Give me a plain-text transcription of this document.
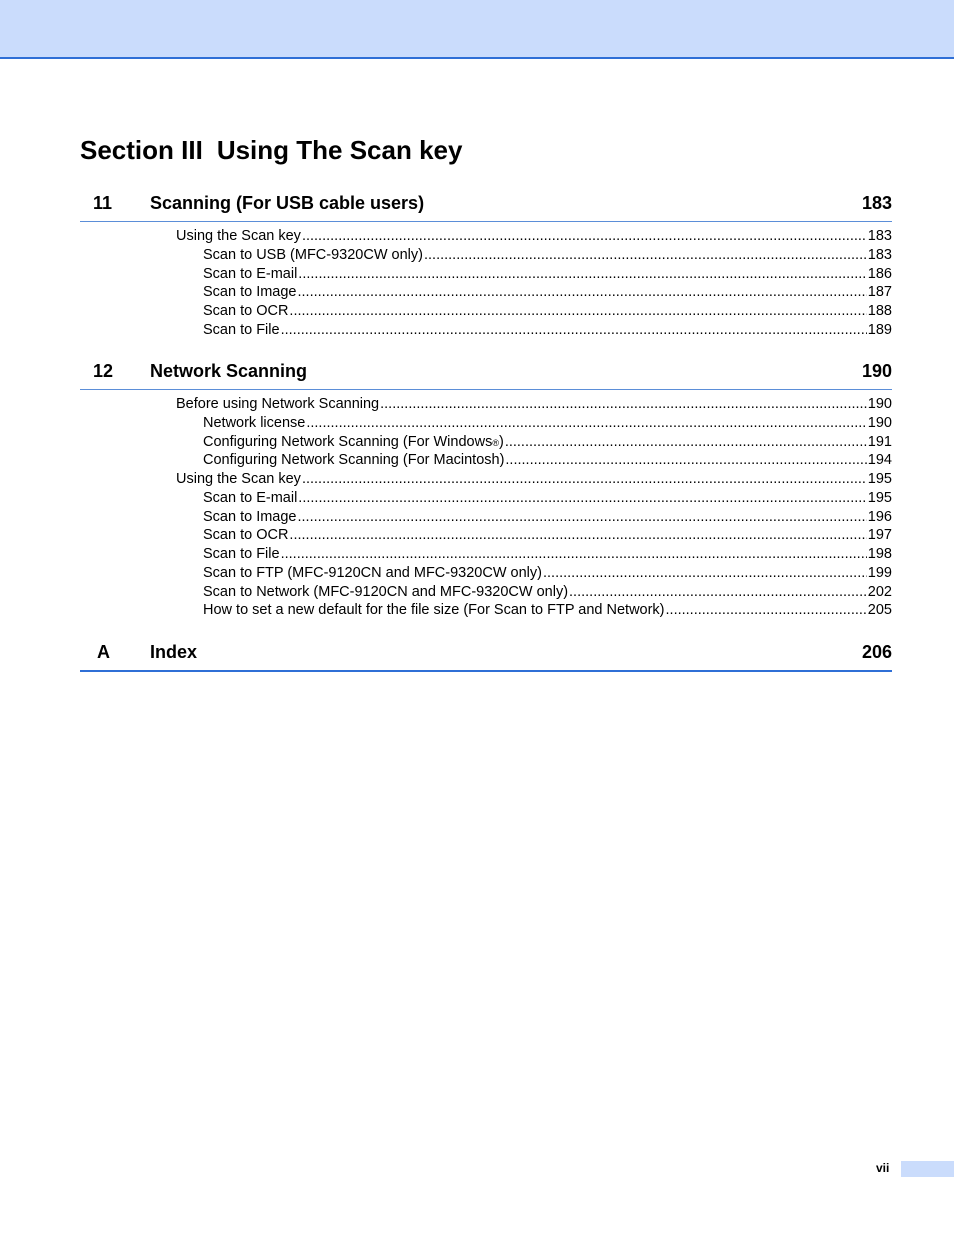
Section III Using The Scan key
11 Scanning (For USB cable users)	183
Using the Scan key .....	183
Scan to USB (MFC-9320CW only) .....	183
Scan to E-mail .....	186
Scan to Image .....	187
Scan to OCR .....	188
Scan to File .....	189
12 Network Scanning	190
Before using Network Scanning .....	190
Network license .....	190
Configuring Network Scanning (For Windows ® ) .....	191
Configuring Network Scanning (For Macintosh) .....	194
Using the Scan key .....	195
Scan to E-mail .....	195
Scan to Image .....	196
Scan to OCR .....	197
Scan to File .....	198
Scan to FTP (MFC-9120CN and MFC-9320CW only) .....	199
Scan to Network (MFC-9120CN and MFC-9320CW only) .....	202
How to set a new default for the file size (For Scan to FTP and Network) .....	205
A Index	206
vii
